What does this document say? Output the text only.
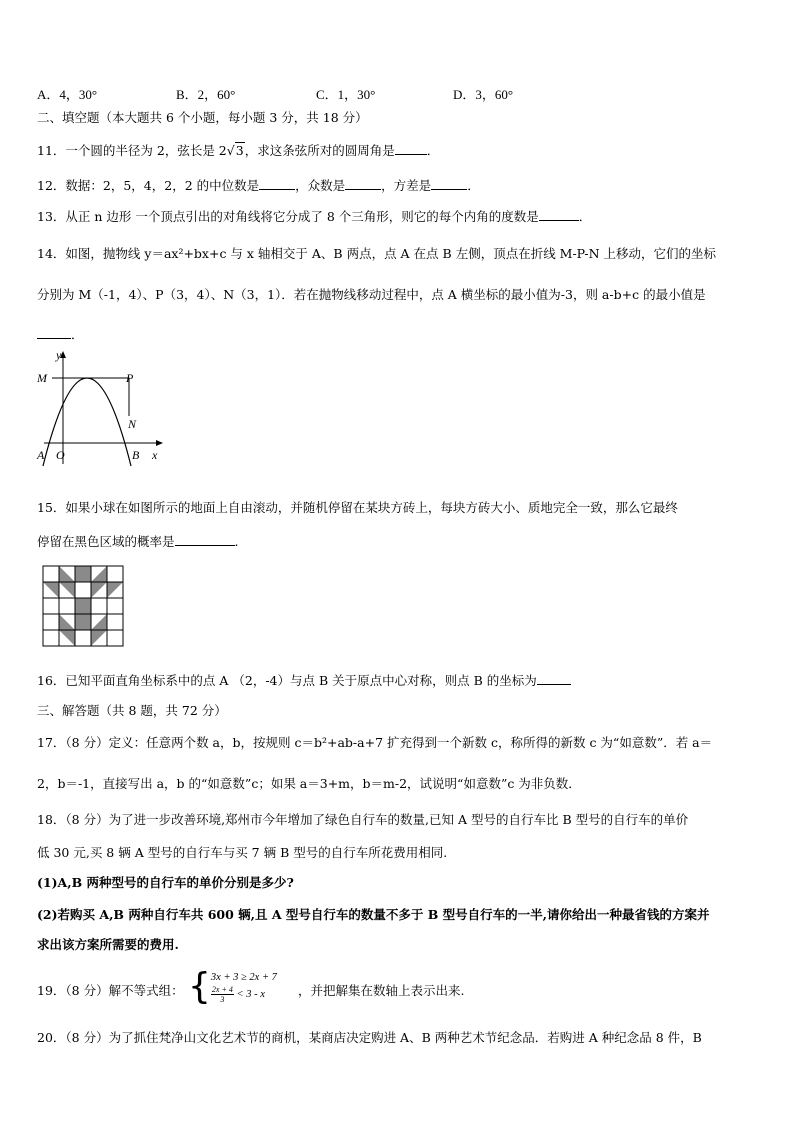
A．4，30°	B．2，60°	C．1，30°	D．3，60°
二、填空题（本大题共 6 个小题，每小题 3 分，共 18 分）
11．一个圆的半径为 2，弦长是 2√3，求这条弦所对的圆周角是	．
12．数据：2，5，4，2，2 的中位数是	，众数是	，方差是	．
13．从正 n 边形 一个顶点引出的对角线将它分成了 8 个三角形，则它的每个内角的度数是	．
14．如图，抛物线 y＝ax²+bx+c 与 x 轴相交于 A、B 两点，点 A 在点 B 左侧，顶点在折线 M-P-N 上移动，它们的坐标
分别为 M（-1，4）、P（3，4）、N（3，1）．若在抛物线移动过程中，点 A 横坐标的最小值为-3，则 a-b+c 的最小值是
．
y
M	P
N
A O	B x
15．如果小球在如图所示的地面上自由滚动，并随机停留在某块方砖上，每块方砖大小、质地完全一致，那么它最终
停留在黑色区域的概率是	.
16．已知平面直角坐标系中的点 A （2，-4）与点 B 关于原点中心对称，则点 B 的坐标为
三、解答题（共 8 题，共 72 分）
17．（8 分）定义：任意两个数 a，b，按规则 c＝b²+ab-a+7 扩充得到一个新数 c，称所得的新数 c 为“如意数”．若 a＝
2，b＝-1，直接写出 a，b 的“如意数”c；如果 a＝3+m，b＝m-2，试说明“如意数”c 为非负数．
18．（8 分）为了进一步改善环境,郑州市今年增加了绿色自行车的数量,已知 A 型号的自行车比 B 型号的自行车的单价
低 30 元,买 8 辆 A 型号的自行车与买 7 辆 B 型号的自行车所花费用相同.
(1)A,B 两种型号的自行车的单价分别是多少?
(2)若购买 A,B 两种自行车共 600 辆,且 A 型号自行车的数量不多于 B 型号自行车的一半,请你给出一种最省钱的方案并
求出该方案所需要的费用.
19．（8 分）解不等式组： { 3x + 3 ≥ 2x + 7
$\frac{2x + 4}{3} < 3 - x$	，并把解集在数轴上表示出来.
20．（8 分）为了抓住梵净山文化艺术节的商机，某商店决定购进 A、B 两种艺术节纪念品．若购进 A 种纪念品 8 件，B
